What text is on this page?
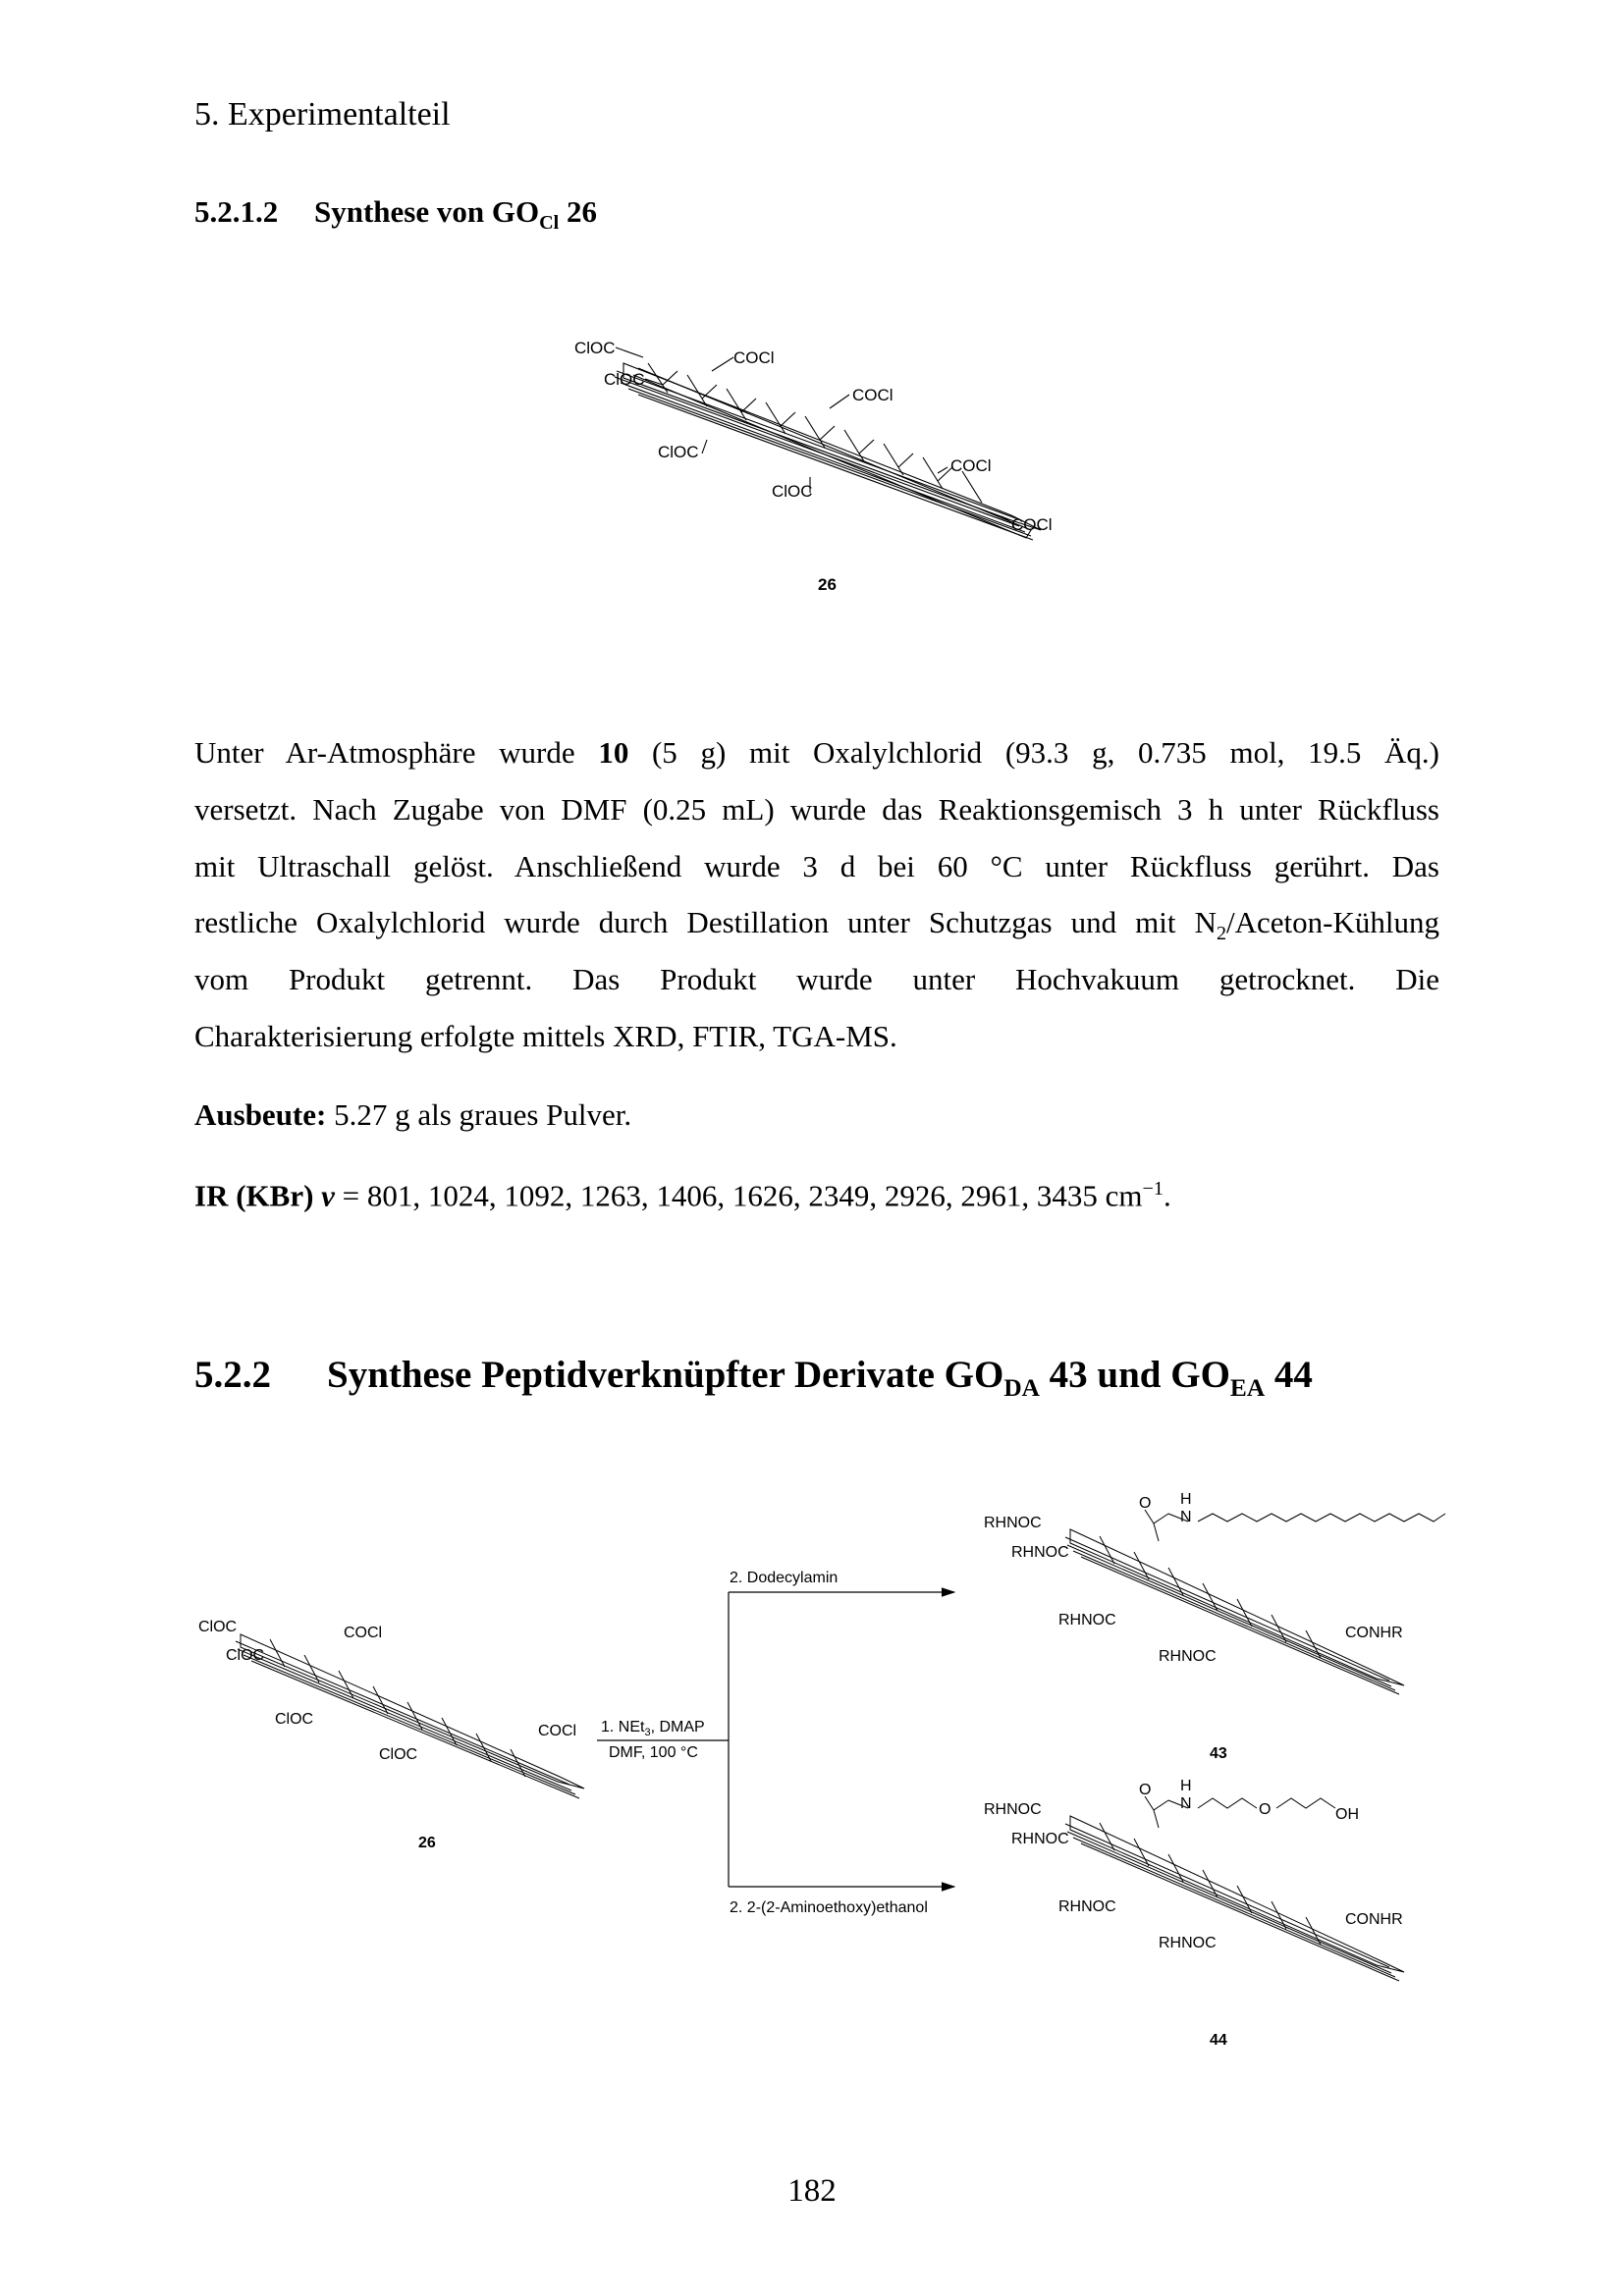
5. Experimentalteil
5.2.1.2 Synthese von $GO_{Cl}$ 26
ClOC
ClOC
COCl
COCl
ClOC
COCl
ClOC
COCl
26
Unter Ar-Atmosphäre wurde 10 (5 g) mit Oxalylchlorid (93.3 g, 0.735 mol, 19.5 Äq.)
versetzt. Nach Zugabe von DMF (0.25 mL) wurde das Reaktionsgemisch 3 h unter Rückfluss
mit Ultraschall gelöst. Anschließend wurde 3 d bei 60 °C unter Rückfluss gerührt. Das
restliche Oxalylchlorid wurde durch Destillation unter Schutzgas und mit $N_2/Aceton$-Kühlung
vom Produkt getrennt. Das Produkt wurde unter Hochvakuum getrocknet. Die
Charakterisierung erfolgte mittels XRD, FTIR, TGA-MS.
Ausbeute: 5.27 g als graues Pulver.
IR (KBr) ν = 801, 1024, 1092, 1263, 1406, 1626, 2349, 2926, 2961, 3435 $cm^{-1}$.
5.2.2 Synthese Peptidverknüpfter Derivate $GO_{DA}$ 43 und $GO_{EA}$ 44
ClOC
ClOC
COCl
ClOC
COCl
ClOC
26
1. NEt$_3$, DMAP
DMF, 100 °C
2. Dodecylamin
2. 2-(2-Aminoethoxy)ethanol
RHNOC
RHNOC
O H
N
RHNOC
CONHR
RHNOC
43
RHNOC
RHNOC
O H
N	O	OH
RHNOC
CONHR
RHNOC
44
182
